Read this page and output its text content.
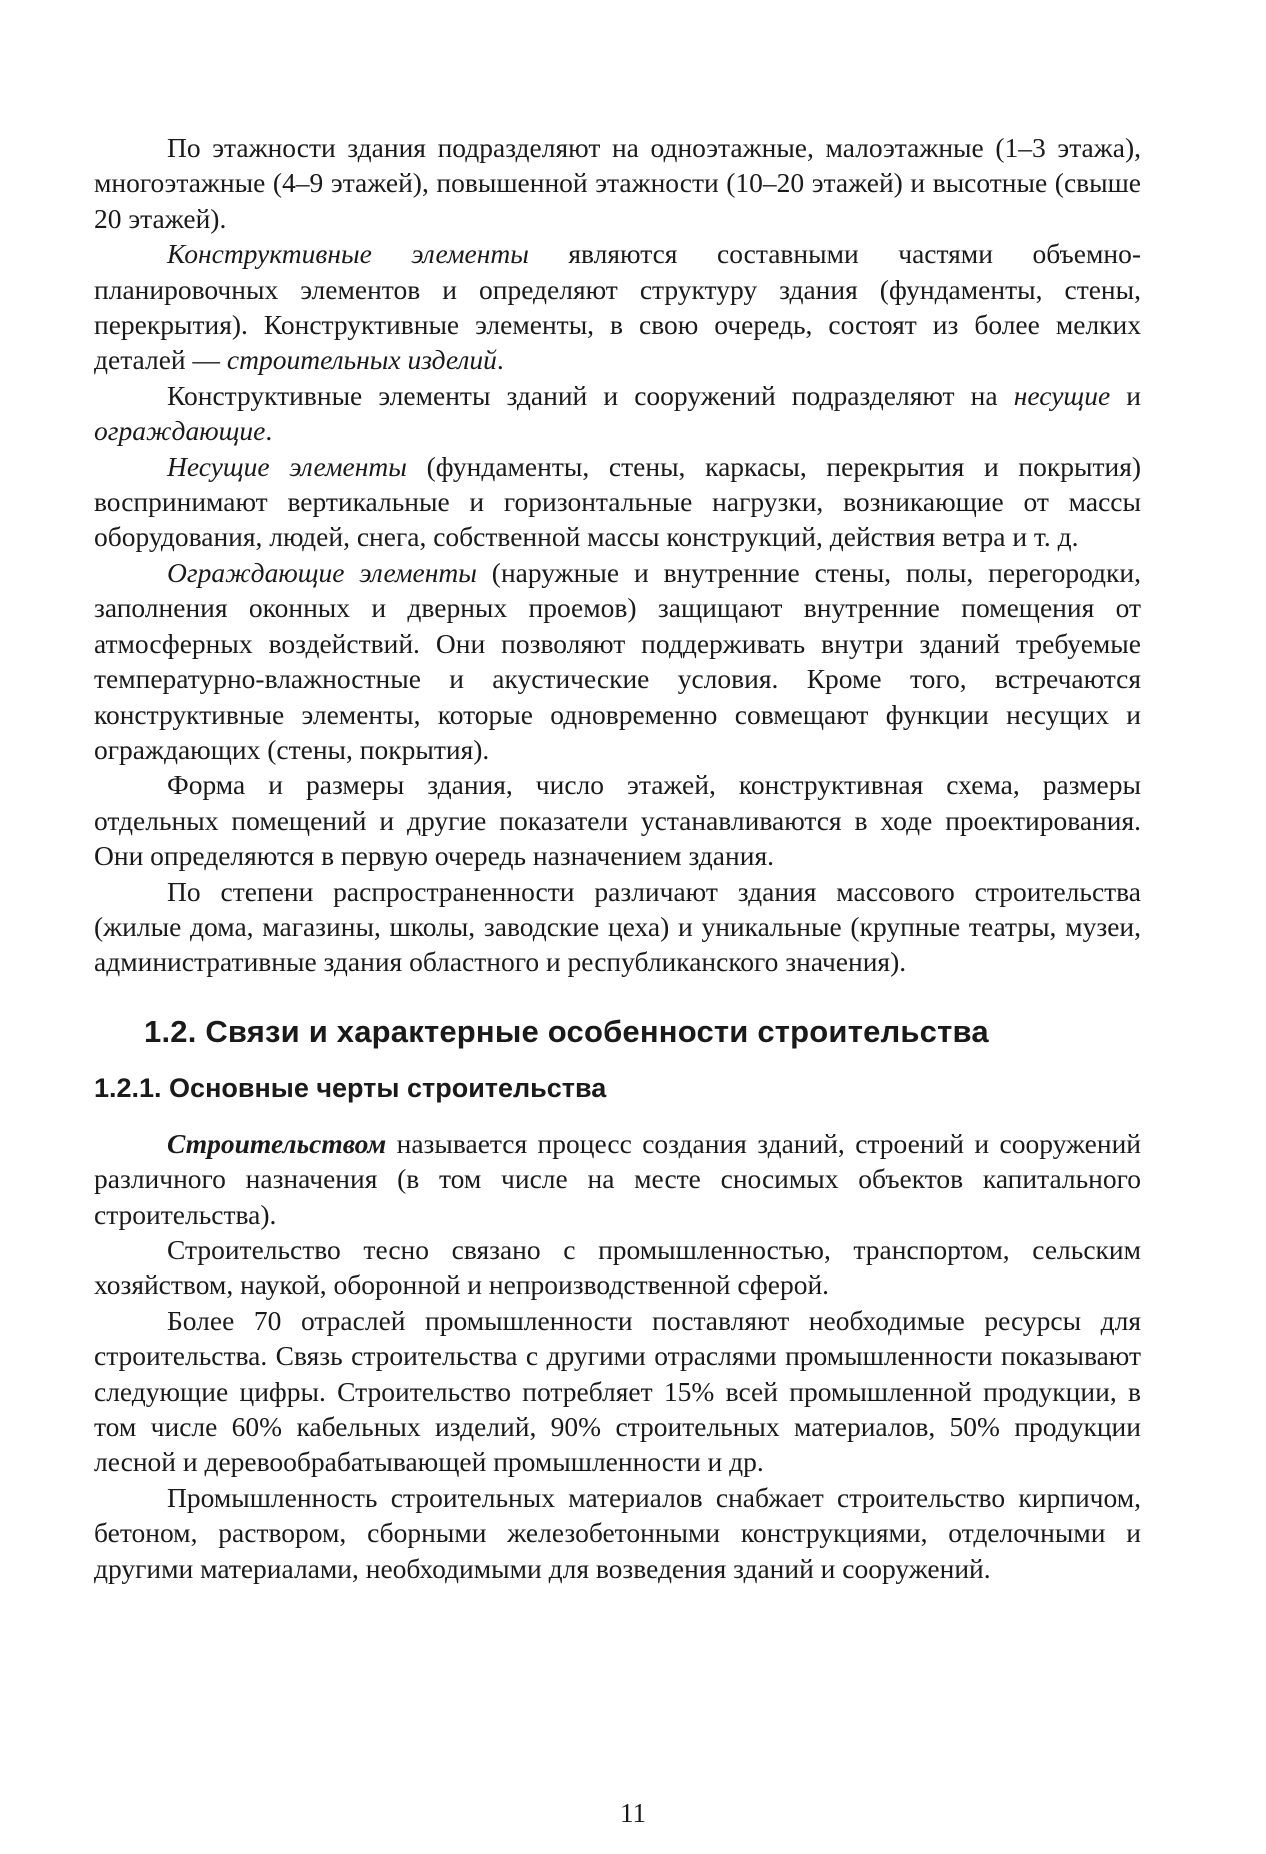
По этажности здания подразделяют на одноэтажные, малоэтажные (1–3 этажа), многоэтажные (4–9 этажей), повышенной этажности (10–20 этажей) и высотные (свыше 20 этажей).

Конструктивные элементы являются составными частями объемно-планировочных элементов и определяют структуру здания (фундаменты, стены, перекрытия). Конструктивные элементы, в свою очередь, состоят из более мелких деталей — строительных изделий.

Конструктивные элементы зданий и сооружений подразделяют на несущие и ограждающие.

Несущие элементы (фундаменты, стены, каркасы, перекрытия и покрытия) воспринимают вертикальные и горизонтальные нагрузки, возникающие от массы оборудования, людей, снега, собственной массы конструкций, действия ветра и т. д.

Ограждающие элементы (наружные и внутренние стены, полы, перегородки, заполнения оконных и дверных проемов) защищают внутренние помещения от атмосферных воздействий. Они позволяют поддерживать внутри зданий требуемые температурно-влажностные и акустические условия. Кроме того, встречаются конструктивные элементы, которые одновременно совмещают функции несущих и ограждающих (стены, покрытия).

Форма и размеры здания, число этажей, конструктивная схема, размеры отдельных помещений и другие показатели устанавливаются в ходе проектирования. Они определяются в первую очередь назначением здания.

По степени распространенности различают здания массового строительства (жилые дома, магазины, школы, заводские цеха) и уникальные (крупные театры, музеи, административные здания областного и республиканского значения).

1.2. Связи и характерные особенности строительства
1.2.1. Основные черты строительства

Строительством называется процесс создания зданий, строений и сооружений различного назначения (в том числе на месте сносимых объектов капитального строительства).

Строительство тесно связано с промышленностью, транспортом, сельским хозяйством, наукой, оборонной и непроизводственной сферой.

Более 70 отраслей промышленности поставляют необходимые ресурсы для строительства. Связь строительства с другими отраслями промышленности показывают следующие цифры. Строительство потребляет 15% всей промышленной продукции, в том числе 60% кабельных изделий, 90% строительных материалов, 50% продукции лесной и деревообрабатывающей промышленности и др.

Промышленность строительных материалов снабжает строительство кирпичом, бетоном, раствором, сборными железобетонными конструкциями, отделочными и другими материалами, необходимыми для возведения зданий и сооружений.

11
